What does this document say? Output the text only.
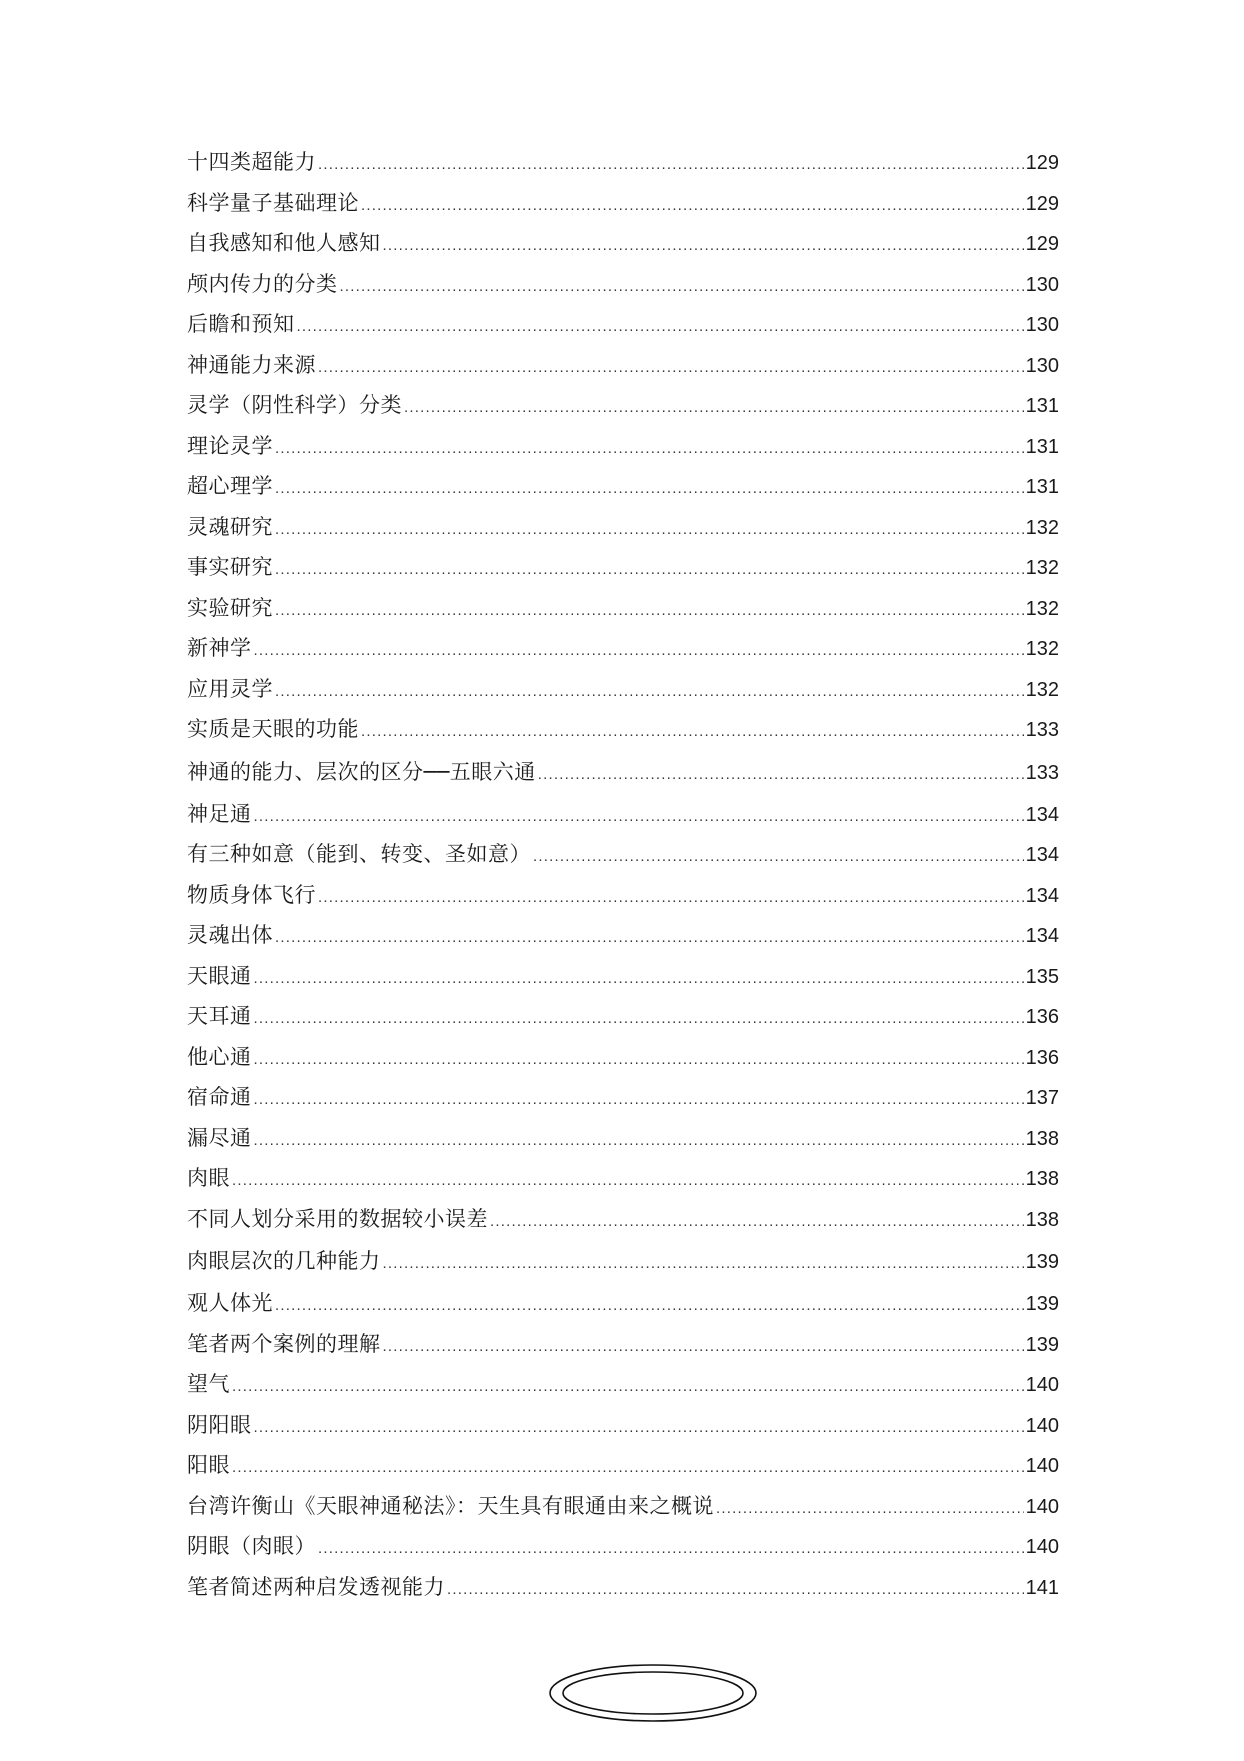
十四类超能力 .....	129
科学量子基础理论 .....	129
自我感知和他人感知 .....	129
颅内传力的分类 .....	130
后瞻和预知 .....	130
神通能力来源 .....	130
灵学（阴性科学）分类 .....	131
理论灵学 .....	131
超心理学 .....	131
灵魂研究 .....	132
事实研究 .....	132
实验研究 .....	132
新神学 .....	132
应用灵学 .....	132
实质是天眼的功能 .....	133
神通的能力、层次的区分──五眼六通 .....	133
神足通 .....	134
有三种如意（能到、转变、圣如意） .....	134
物质身体飞行 .....	134
灵魂出体 .....	134
天眼通 .....	135
天耳通 .....	136
他心通 .....	136
宿命通 .....	137
漏尽通 .....	138
肉眼 .....	138
不同人划分采用的数据较小误差 .....	138
肉眼层次的几种能力 .....	139
观人体光 .....	139
笔者两个案例的理解 .....	139
望气 .....	140
阴阳眼 .....	140
阳眼 .....	140
台湾许衡山《天眼神通秘法》：天生具有眼通由来之概说 .....	140
阴眼（肉眼） .....	140
笔者简述两种启发透视能力 .....	141
